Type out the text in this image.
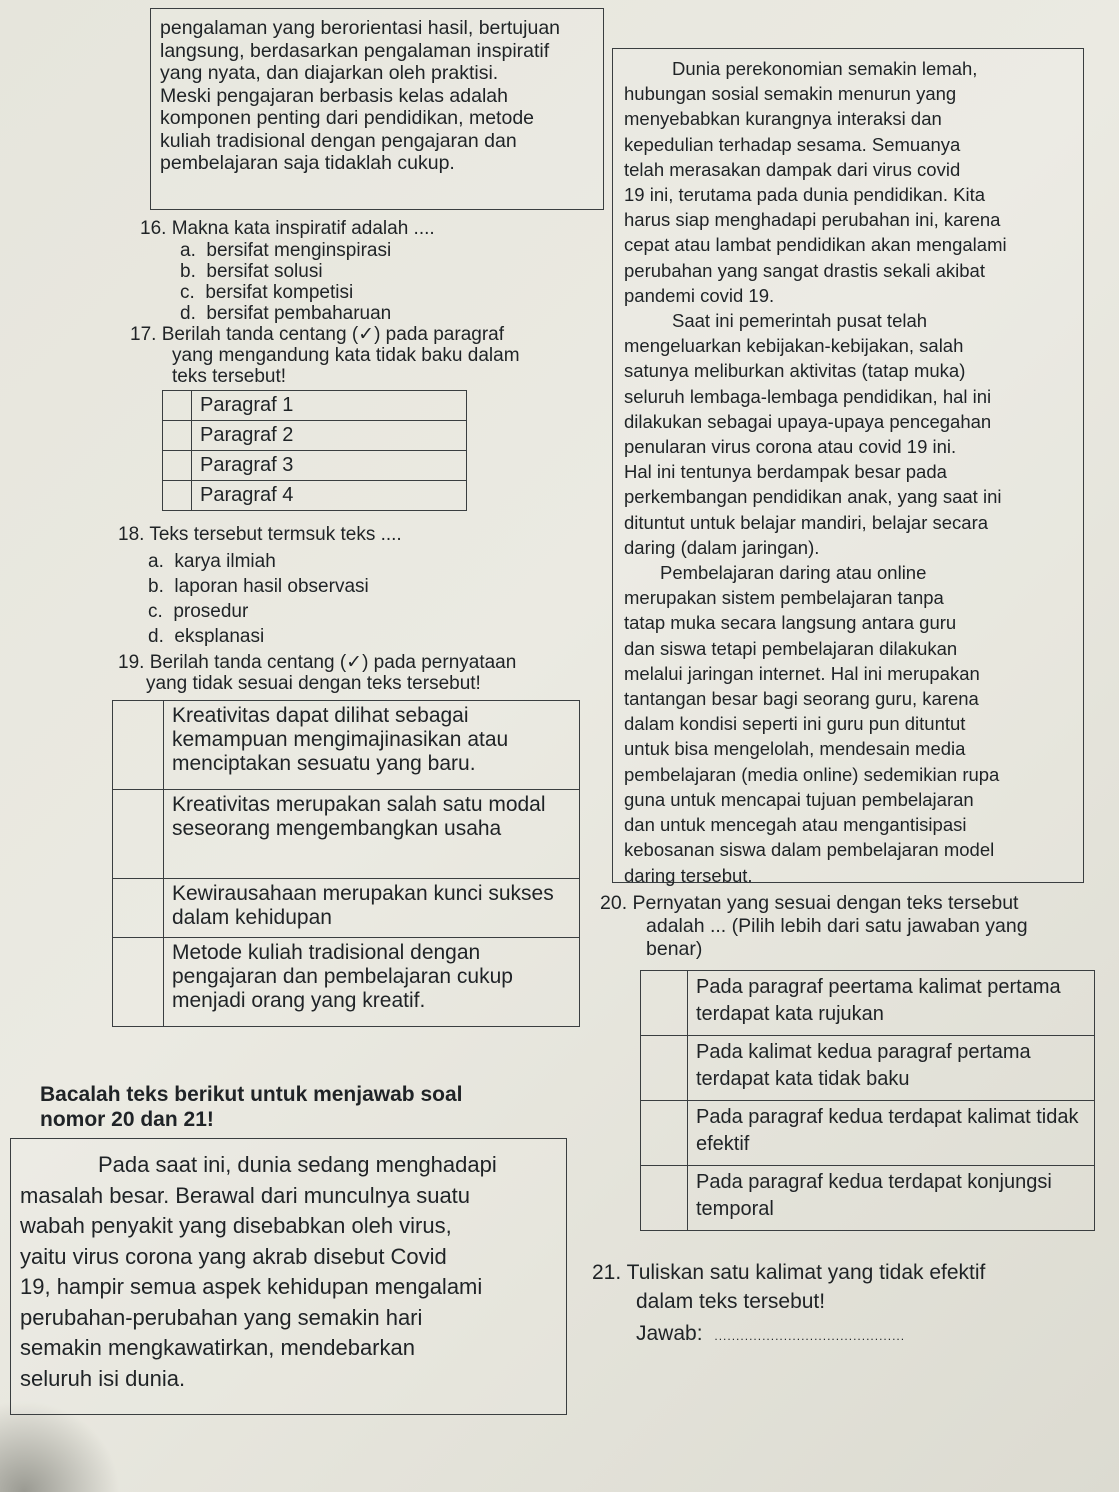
pengalaman yang berorientasi hasil, bertujuan
langsung, berdasarkan pengalaman inspiratif
yang nyata, dan diajarkan oleh praktisi.
Meski pengajaran berbasis kelas adalah
komponen penting dari pendidikan, metode
kuliah tradisional dengan pengajaran dan
pembelajaran saja tidaklah cukup.
16. Makna kata inspiratif adalah ....
a.  bersifat menginspirasi
b.  bersifat solusi
c.  bersifat kompetisi
d.  bersifat pembaharuan
17. Berilah tanda centang (✓) pada paragraf
yang mengandung kata tidak baku dalam
teks tersebut!
	Paragraf 1
	Paragraf 2
	Paragraf 3
	Paragraf 4
18. Teks tersebut termsuk teks ....
a.  karya ilmiah
b.  laporan hasil observasi
c.  prosedur
d.  eksplanasi
19. Berilah tanda centang (✓) pada pernyataan
yang tidak sesuai dengan teks tersebut!
	Kreativitas dapat dilihat sebagai kemampuan mengimajinasikan atau menciptakan sesuatu yang baru.
	Kreativitas merupakan salah satu modal seseorang mengembangkan usaha
	Kewirausahaan merupakan kunci sukses dalam kehidupan
	Metode kuliah tradisional dengan pengajaran dan pembelajaran cukup menjadi orang yang kreatif.
Bacalah teks berikut untuk menjawab soal
nomor 20 dan 21!
Pada saat ini, dunia sedang menghadapi
masalah besar. Berawal dari munculnya suatu
wabah penyakit yang disebabkan oleh virus,
yaitu virus corona yang akrab disebut Covid
19, hampir semua aspek kehidupan mengalami
perubahan-perubahan yang semakin hari
semakin mengkawatirkan, mendebarkan
seluruh isi dunia.
Dunia perekonomian semakin lemah,
hubungan sosial semakin menurun yang
menyebabkan kurangnya interaksi dan
kepedulian terhadap sesama. Semuanya
telah merasakan dampak dari virus covid
19 ini, terutama pada dunia pendidikan. Kita
harus siap menghadapi perubahan ini, karena
cepat atau lambat pendidikan akan mengalami
perubahan yang sangat drastis sekali akibat
pandemi covid 19.
Saat ini pemerintah pusat telah
mengeluarkan kebijakan-kebijakan, salah
satunya meliburkan aktivitas (tatap muka)
seluruh lembaga-lembaga pendidikan, hal ini
dilakukan sebagai upaya-upaya pencegahan
penularan virus corona atau covid 19 ini.
Hal ini tentunya berdampak besar pada
perkembangan pendidikan anak, yang saat ini
dituntut untuk belajar mandiri, belajar secara
daring (dalam jaringan).
Pembelajaran daring atau online
merupakan sistem pembelajaran tanpa
tatap muka secara langsung antara guru
dan siswa tetapi pembelajaran dilakukan
melalui jaringan internet. Hal ini merupakan
tantangan besar bagi seorang guru, karena
dalam kondisi seperti ini guru pun dituntut
untuk bisa mengelolah, mendesain media
pembelajaran (media online) sedemikian rupa
guna untuk mencapai tujuan pembelajaran
dan untuk mencegah atau mengantisipasi
kebosanan siswa dalam pembelajaran model
daring tersebut.
20. Pernyatan yang sesuai dengan teks tersebut
adalah ... (Pilih lebih dari satu jawaban yang
benar)
	Pada paragraf peertama kalimat pertama terdapat kata rujukan
	Pada kalimat kedua paragraf pertama terdapat kata tidak baku
	Pada paragraf kedua terdapat kalimat tidak efektif
	Pada paragraf kedua terdapat konjungsi temporal
21. Tuliskan satu kalimat yang tidak efektif
dalam teks tersebut!
Jawab: ............................................
